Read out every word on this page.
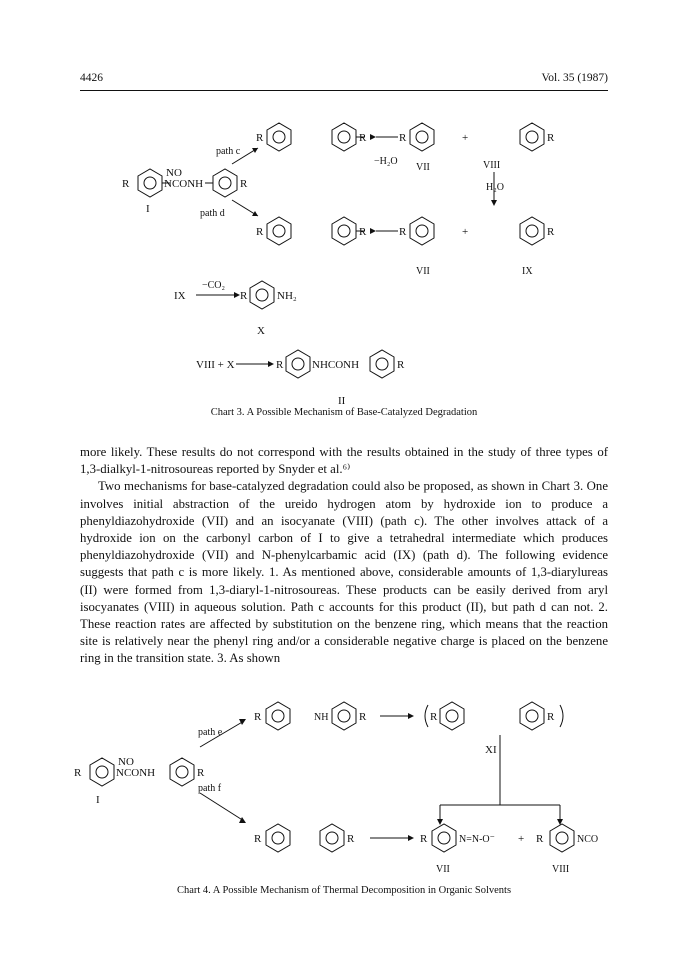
4426	Vol. 35 (1987)
R
NO
NCONH	R
I
path c
path d
R	R	R
−H₂O
+	R
VII	VIII
H₂O
R	R	R	+	R
VII	IX
IX
−CO₂
R	NH₂
X
VIII + X	R	NHCONH	R
II
Chart 3. A Possible Mechanism of Base-Catalyzed Degradation

more likely. These results do not correspond with the results obtained in the study of three types of 1,3-dialkyl-1-nitrosoureas reported by Snyder et al.⁶⁾

Two mechanisms for base-catalyzed degradation could also be proposed, as shown in Chart 3. One involves initial abstraction of the ureido hydrogen atom by hydroxide ion to produce a phenyldiazohydroxide (VII) and an isocyanate (VIII) (path c). The other involves attack of a hydroxide ion on the carbonyl carbon of I to give a tetrahedral intermediate which produces phenyldiazohydroxide (VII) and N-phenylcarbamic acid (IX) (path d). The following evidence suggests that path c is more likely. 1. As mentioned above, considerable amounts of 1,3-diarylureas (II) were formed from 1,3-diaryl-1-nitrosoureas. These products can be easily derived from aryl isocyanates (VIII) in aqueous solution. Path c accounts for this product (II), but path d can not. 2. These reaction rates are affected by substitution on the benzene ring, which means that the reaction site is relatively near the phenyl ring and/or a considerable negative charge is placed on the benzene ring in the transition state. 3. As shown

R
NO
NCONH	R
I
path e
path f
R	NH	R	R	R
XI
R	R	R	N=N-O⁻ + R	NCO
VII	VIII
Chart 4. A Possible Mechanism of Thermal Decomposition in Organic Solvents
